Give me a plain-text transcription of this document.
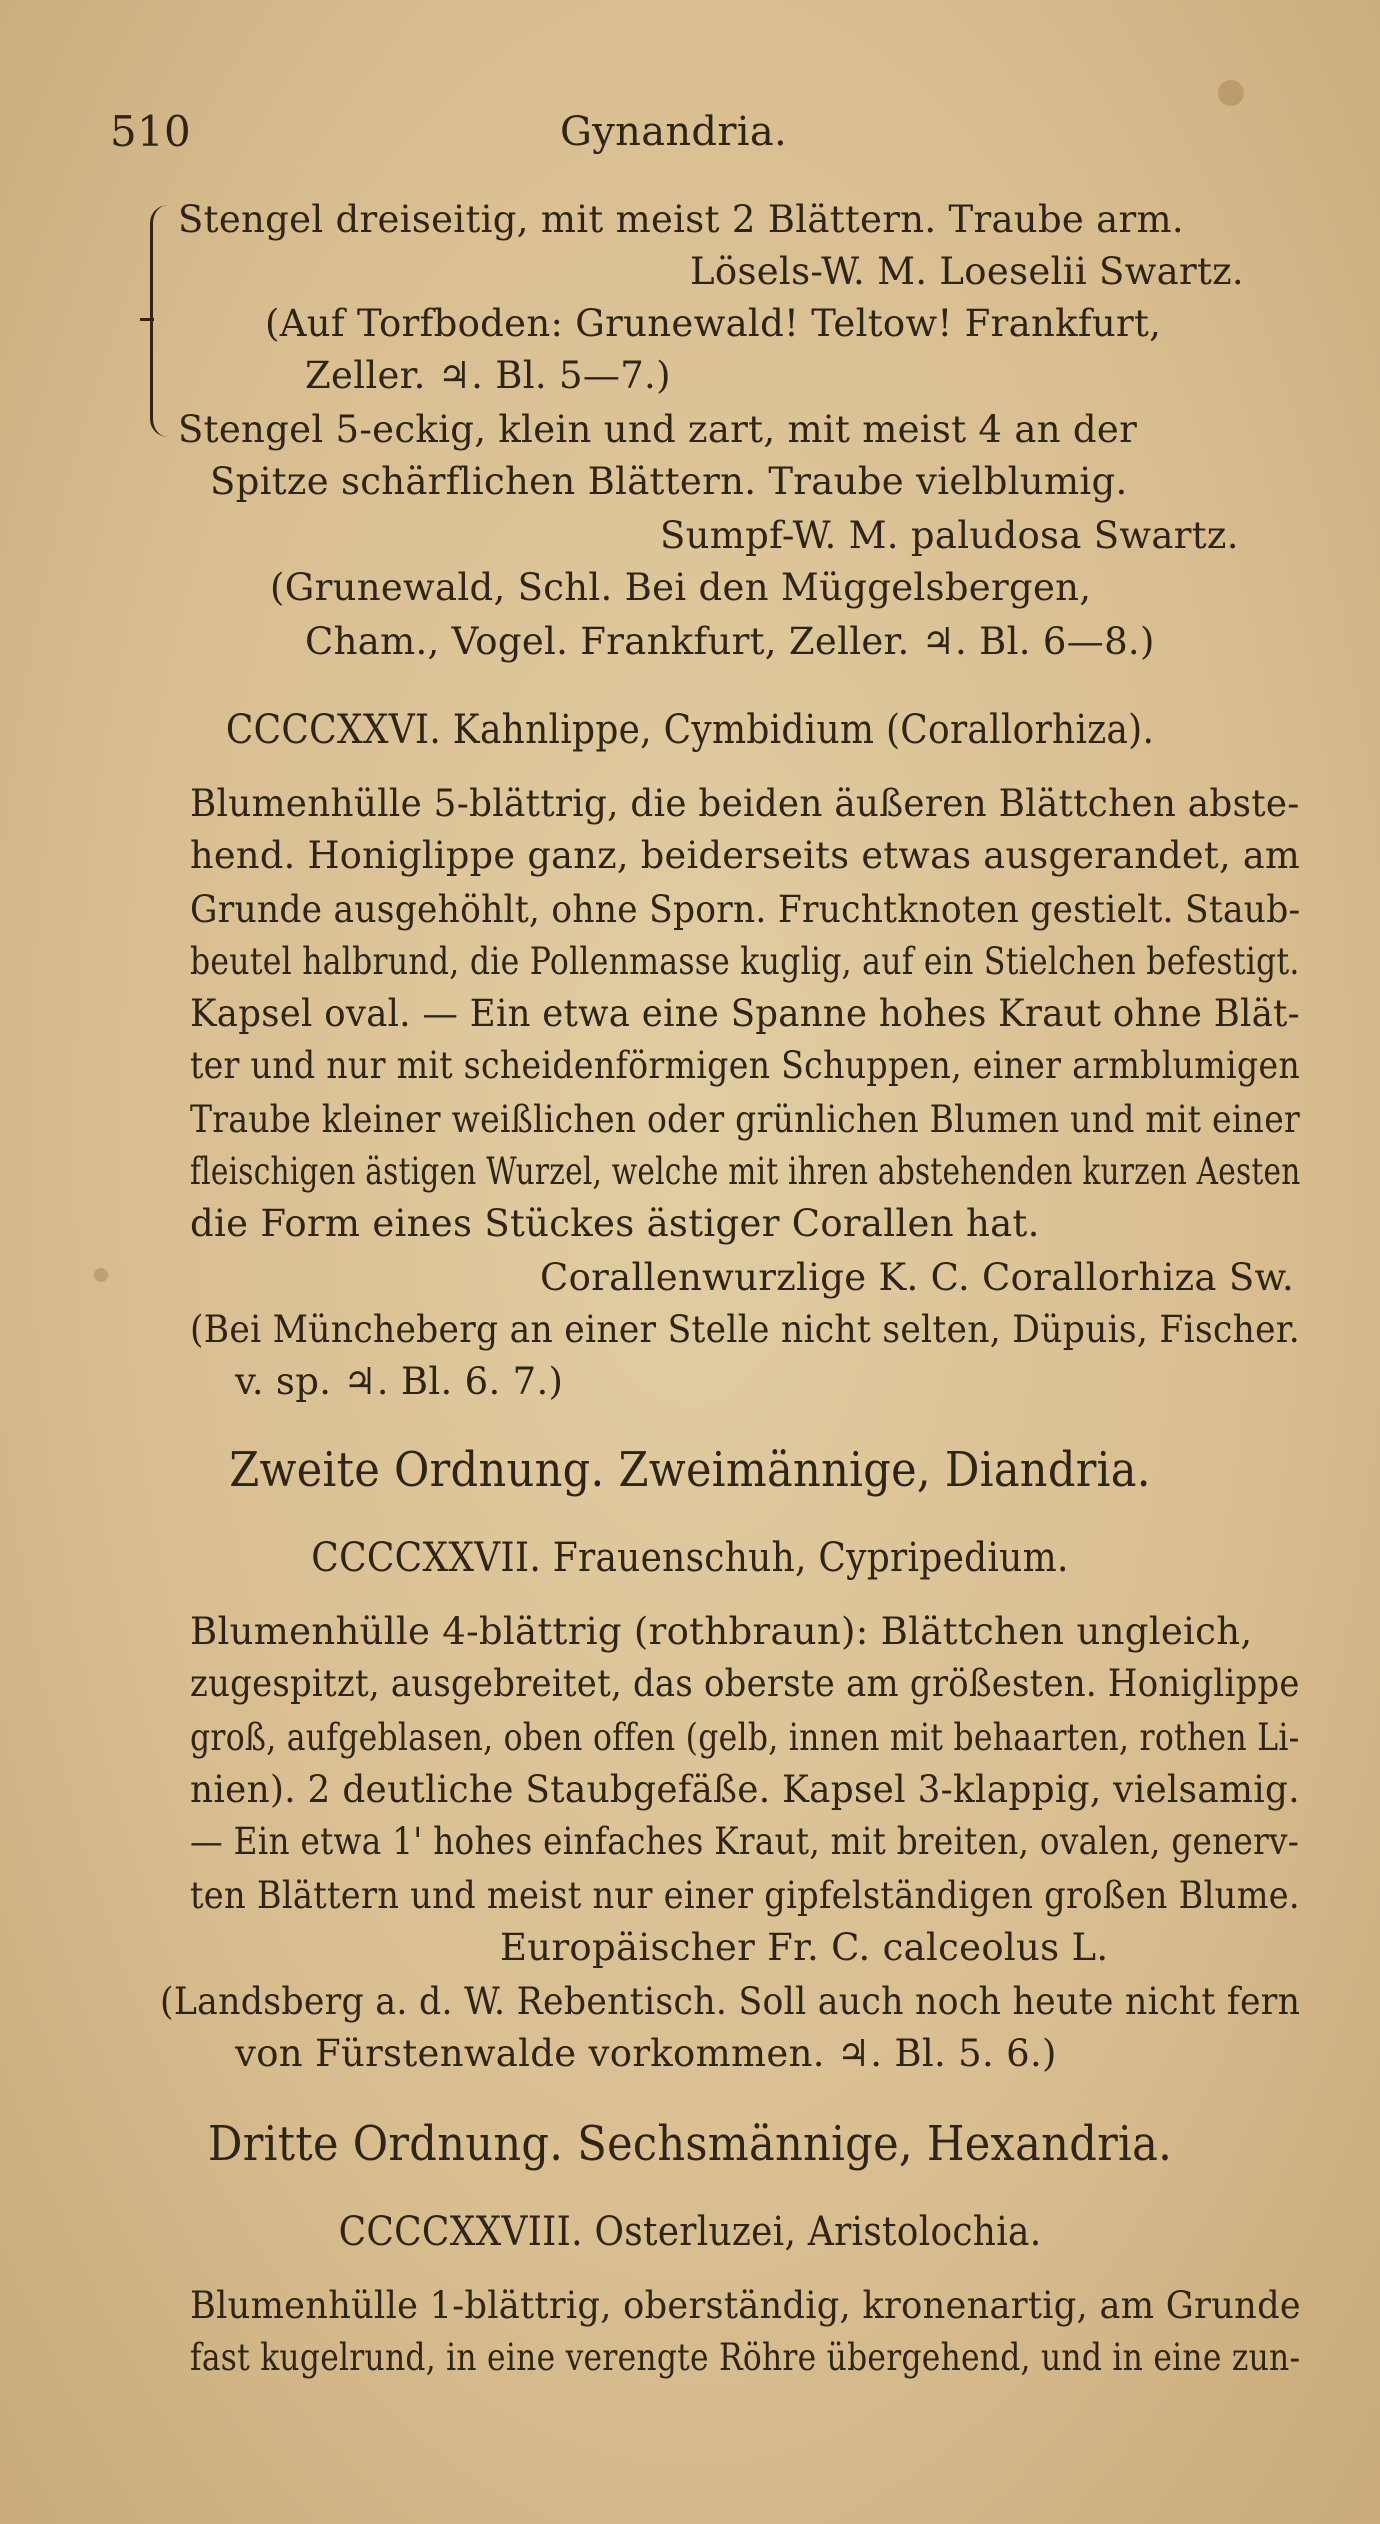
510	Gynandria.
Stengel dreiseitig, mit meist 2 Blättern. Traube arm.
Lösels-W. M. Loeselii Swartz.
(Auf Torfboden: Grunewald! Teltow! Frankfurt,
Zeller. ♃. Bl. 5—7.)
Stengel 5-eckig, klein und zart, mit meist 4 an der
Spitze schärflichen Blättern. Traube vielblumig.
Sumpf-W. M. paludosa Swartz.
(Grunewald, Schl. Bei den Müggelsbergen,
Cham., Vogel. Frankfurt, Zeller. ♃. Bl. 6—8.)
CCCCXXVI. Kahnlippe, Cymbidium (Corallorhiza).
Blumenhülle 5-blättrig, die beiden äußeren Blättchen abste-
hend. Honiglippe ganz, beiderseits etwas ausgerandet, am
Grunde ausgehöhlt, ohne Sporn. Fruchtknoten gestielt. Staub-
beutel halbrund, die Pollenmasse kuglig, auf ein Stielchen befestigt.
Kapsel oval. — Ein etwa eine Spanne hohes Kraut ohne Blät-
ter und nur mit scheidenförmigen Schuppen, einer armblumigen
Traube kleiner weißlichen oder grünlichen Blumen und mit einer
fleischigen ästigen Wurzel, welche mit ihren abstehenden kurzen Aesten
die Form eines Stückes ästiger Corallen hat.
Corallenwurzlige K. C. Corallorhiza Sw.
(Bei Müncheberg an einer Stelle nicht selten, Düpuis, Fischer.
v. sp. ♃. Bl. 6. 7.)
Zweite Ordnung. Zweimännige, Diandria.
CCCCXXVII. Frauenschuh, Cypripedium.
Blumenhülle 4-blättrig (rothbraun): Blättchen ungleich,
zugespitzt, ausgebreitet, das oberste am größesten. Honiglippe
groß, aufgeblasen, oben offen (gelb, innen mit behaarten, rothen Li-
nien). 2 deutliche Staubgefäße. Kapsel 3-klappig, vielsamig.
— Ein etwa 1' hohes einfaches Kraut, mit breiten, ovalen, generv-
ten Blättern und meist nur einer gipfelständigen großen Blume.
Europäischer Fr. C. calceolus L.
(Landsberg a. d. W. Rebentisch. Soll auch noch heute nicht fern
von Fürstenwalde vorkommen. ♃. Bl. 5. 6.)
Dritte Ordnung. Sechsmännige, Hexandria.
CCCCXXVIII. Osterluzei, Aristolochia.
Blumenhülle 1-blättrig, oberständig, kronenartig, am Grunde
fast kugelrund, in eine verengte Röhre übergehend, und in eine zun-
